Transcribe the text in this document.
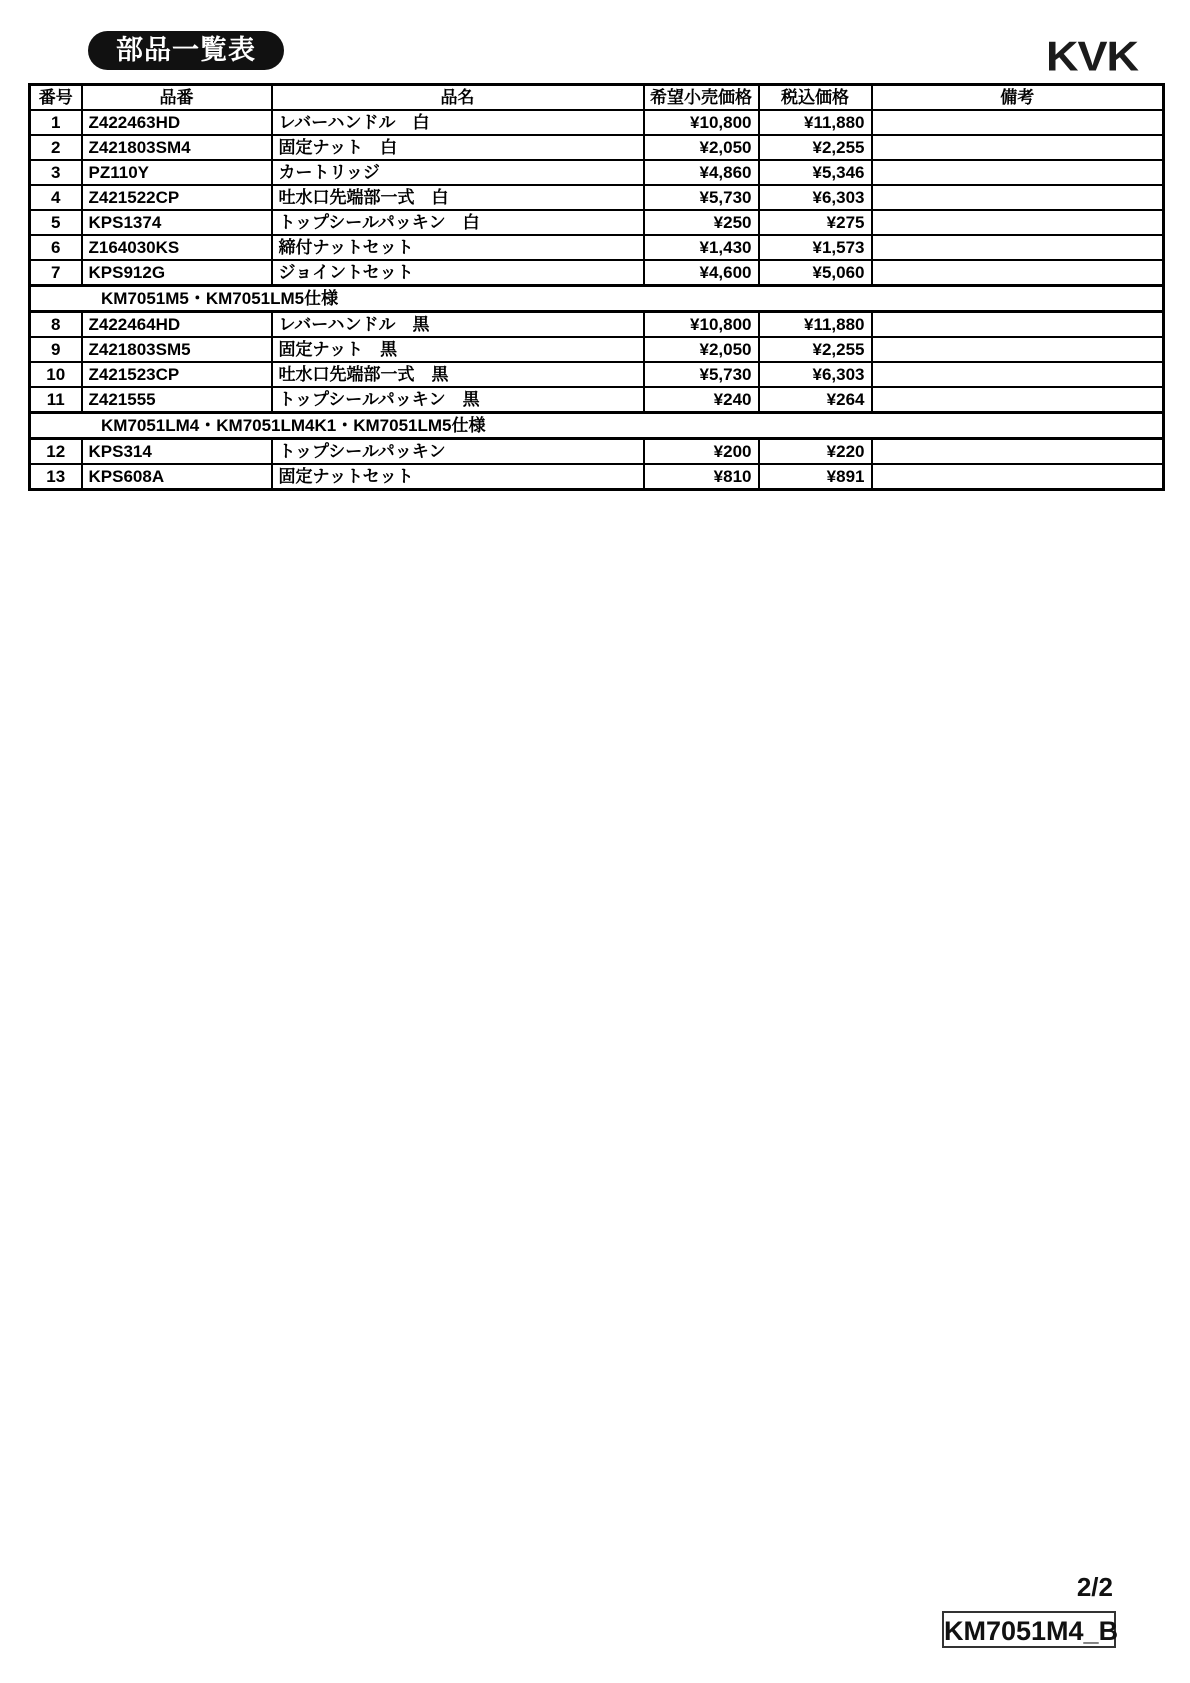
部品一覧表	KVK
番号	品番	品名	希望小売価格	税込価格	備考
1	Z422463HD	レバーハンドル　白	¥10,800	¥11,880	
2	Z421803SM4	固定ナット　白	¥2,050	¥2,255	
3	PZ110Y	カートリッジ	¥4,860	¥5,346	
4	Z421522CP	吐水口先端部一式　白	¥5,730	¥6,303	
5	KPS1374	トップシールパッキン　白	¥250	¥275	
6	Z164030KS	締付ナットセット	¥1,430	¥1,573	
7	KPS912G	ジョイントセット	¥4,600	¥5,060	
KM7051M5・KM7051LM5仕様					
8	Z422464HD	レバーハンドル　黒	¥10,800	¥11,880	
9	Z421803SM5	固定ナット　黒	¥2,050	¥2,255	
10	Z421523CP	吐水口先端部一式　黒	¥5,730	¥6,303	
11	Z421555	トップシールパッキン　黒	¥240	¥264	
KM7051LM4・KM7051LM4K1・KM7051LM5仕様					
12	KPS314	トップシールパッキン	¥200	¥220	
13	KPS608A	固定ナットセット	¥810	¥891	
2/2
KM7051M4_B
